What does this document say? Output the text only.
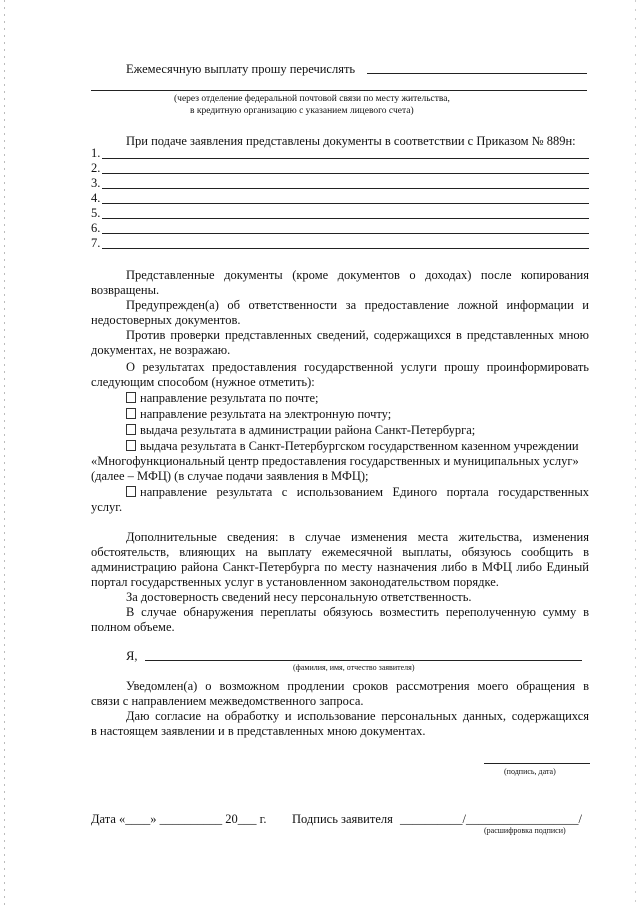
Ежемесячную выплату прошу перечислять
(через отделение федеральной почтовой связи по месту жительства,
в кредитную организацию с указанием лицевого счета)
При подаче заявления представлены документы в соответствии с Приказом № 889н:
1.
2.
3.
4.
5.
6.
7.
Представленные документы (кроме документов о доходах) после копирования
возвращены.
Предупрежден(а) об ответственности за предоставление ложной информации и
недостоверных документов.
Против проверки представленных сведений, содержащихся в представленных мною
документах, не возражаю.
О результатах предоставления государственной услуги прошу проинформировать
следующим способом (нужное отметить):
направление результата по почте;
направление результата на электронную почту;
выдача результата в администрации района Санкт-Петербурга;
выдача результата в Санкт-Петербургском государственном казенном учреждении
«Многофункциональный центр предоставления государственных и муниципальных услуг»
(далее – МФЦ) (в случае подачи заявления в МФЦ);
направление результата с использованием Единого портала государственных
услуг.
Дополнительные сведения: в случае изменения места жительства, изменения
обстоятельств, влияющих на выплату ежемесячной выплаты, обязуюсь сообщить в
администрацию района Санкт-Петербурга по месту назначения либо в МФЦ либо Единый
портал государственных услуг в установленном законодательством порядке.
За достоверность сведений несу персональную ответственность.
В случае обнаружения переплаты обязуюсь возместить переполученную сумму в
полном объеме.
Я,
(фамилия, имя, отчество заявителя)
Уведомлен(а) о возможном продлении сроков рассмотрения моего обращения в
связи с направлением межведомственного запроса.
Даю согласие на обработку и использование персональных данных, содержащихся
в настоящем заявлении и в представленных мною документах.
(подпись, дата)
Дата «____» __________ 20___ г. Подпись заявителя __________/__________________/
(расшифровка подписи)
